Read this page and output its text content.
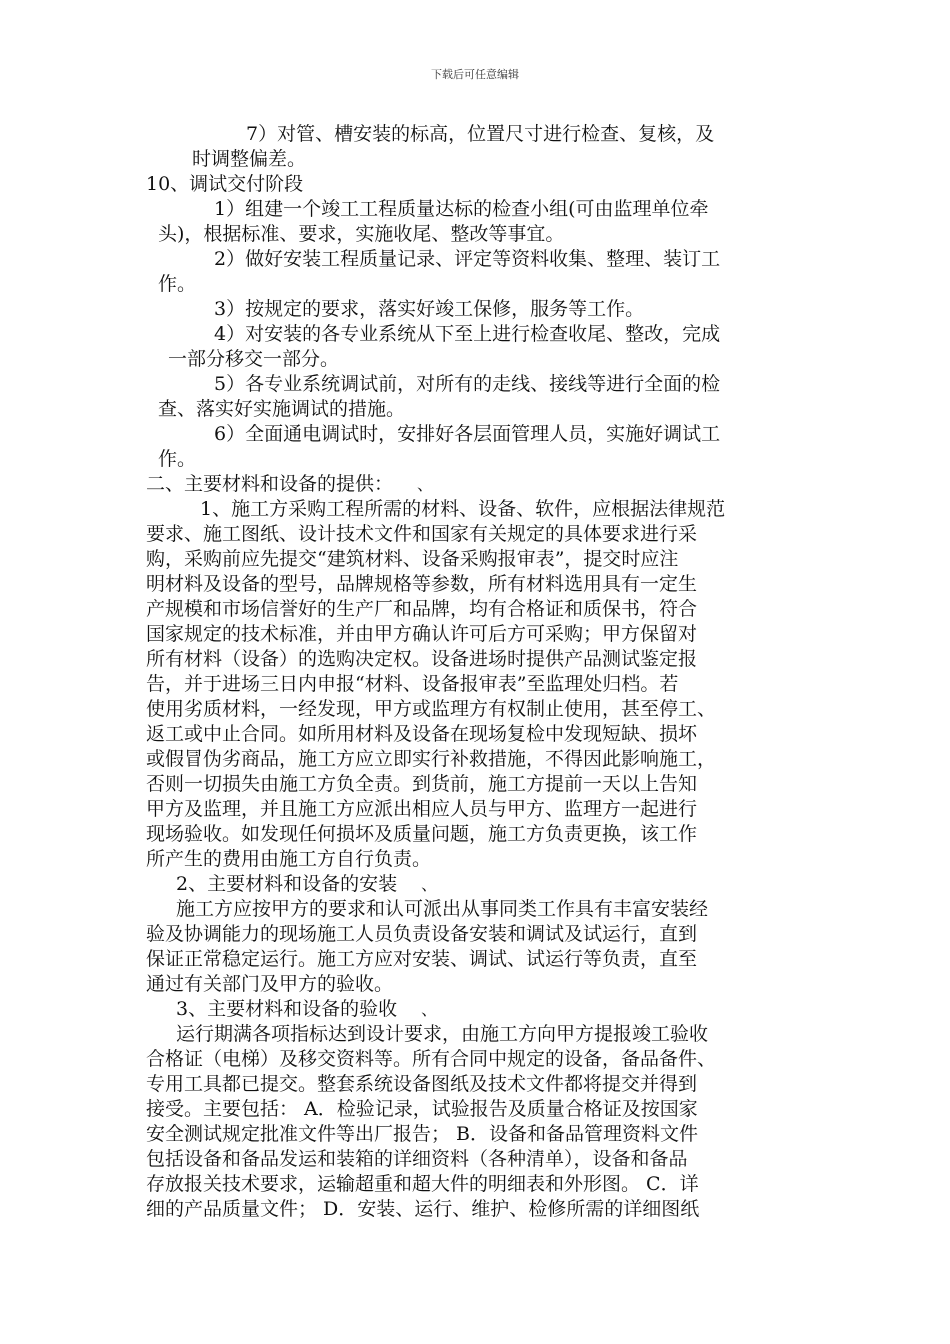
下载后可任意编辑
7）对管、槽安装的标高，位置尺寸进行检查、复核，及
时调整偏差。
10、调试交付阶段
1）组建一个竣工工程质量达标的检查小组(可由监理单位牵
头)，根据标准、要求，实施收尾、整改等事宜。
2）做好安装工程质量记录、评定等资料收集、整理、装订工
作。
3）按规定的要求，落实好竣工保修，服务等工作。
4）对安装的各专业系统从下至上进行检查收尾、整改，完成
一部分移交一部分。
5）各专业系统调试前，对所有的走线、接线等进行全面的检
查、落实好实施调试的措施。
6）全面通电调试时，安排好各层面管理人员，实施好调试工
作。
二、主要材料和设备的提供： 、
1、施工方采购工程所需的材料、设备、软件，应根据法律规范
要求、施工图纸、设计技术文件和国家有关规定的具体要求进行采
购，采购前应先提交“建筑材料、设备采购报审表”，提交时应注
明材料及设备的型号，品牌规格等参数，所有材料选用具有一定生
产规模和市场信誉好的生产厂和品牌，均有合格证和质保书，符合
国家规定的技术标准，并由甲方确认许可后方可采购；甲方保留对
所有材料（设备）的选购决定权。设备进场时提供产品测试鉴定报
告，并于进场三日内申报“材料、设备报审表”至监理处归档。若
使用劣质材料，一经发现，甲方或监理方有权制止使用，甚至停工、
返工或中止合同。如所用材料及设备在现场复检中发现短缺、损坏
或假冒伪劣商品，施工方应立即实行补救措施，不得因此影响施工，
否则一切损失由施工方负全责。到货前，施工方提前一天以上告知
甲方及监理，并且施工方应派出相应人员与甲方、监理方一起进行
现场验收。如发现任何损坏及质量问题，施工方负责更换，该工作
所产生的费用由施工方自行负责。
2、主要材料和设备的安装 、
施工方应按甲方的要求和认可派出从事同类工作具有丰富安装经
验及协调能力的现场施工人员负责设备安装和调试及试运行，直到
保证正常稳定运行。施工方应对安装、调试、试运行等负责，直至
通过有关部门及甲方的验收。
3、主要材料和设备的验收 、
运行期满各项指标达到设计要求，由施工方向甲方提报竣工验收
合格证（电梯）及移交资料等。所有合同中规定的设备，备品备件、
专用工具都已提交。整套系统设备图纸及技术文件都将提交并得到
接受。主要包括： A．检验记录，试验报告及质量合格证及按国家
安全测试规定批准文件等出厂报告； B．设备和备品管理资料文件
包括设备和备品发运和装箱的详细资料（各种清单），设备和备品
存放报关技术要求，运输超重和超大件的明细表和外形图。 C．详
细的产品质量文件； D．安装、运行、维护、检修所需的详细图纸
